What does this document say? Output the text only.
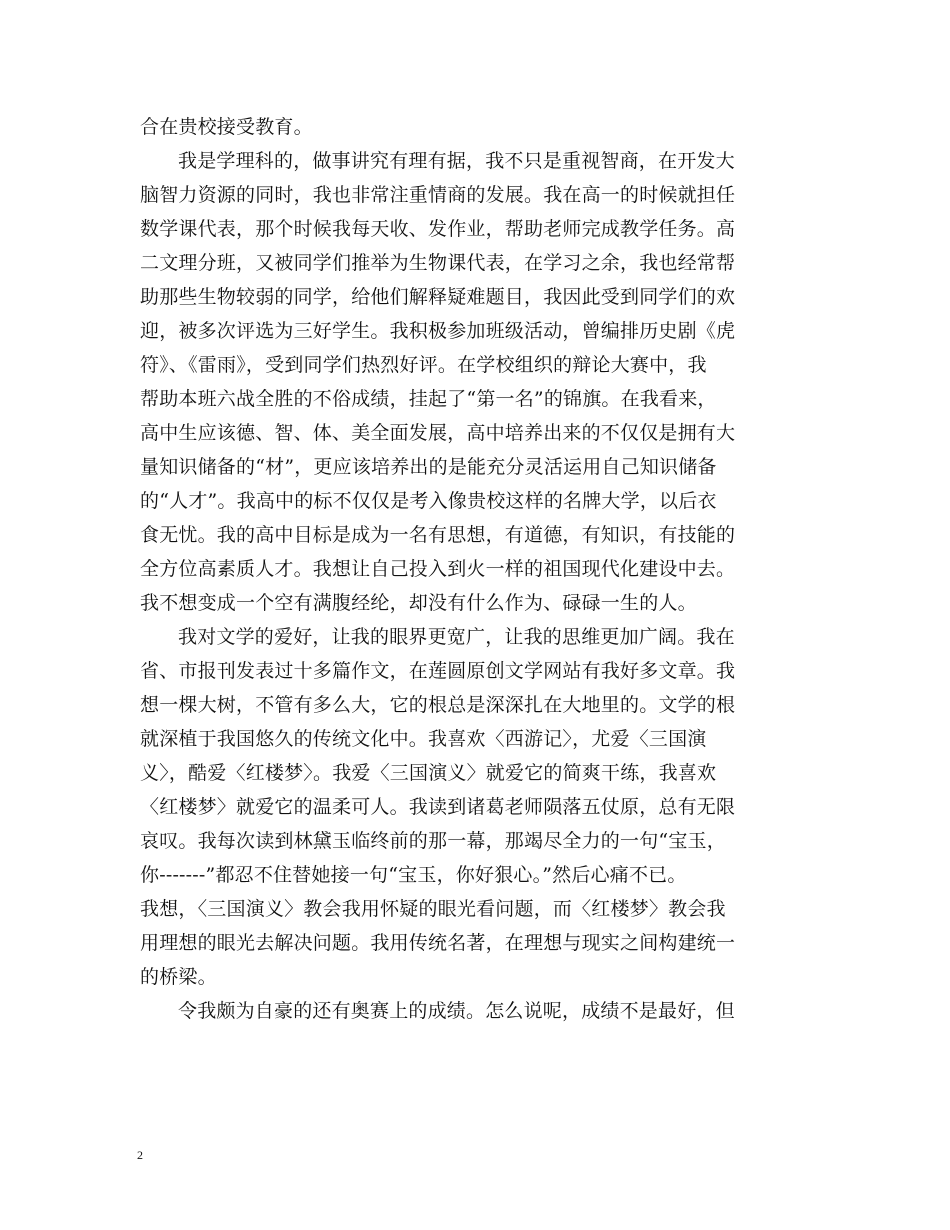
合在贵校接受教育。
我是学理科的，做事讲究有理有据，我不只是重视智商，在开发大
脑智力资源的同时，我也非常注重情商的发展。我在高一的时候就担任
数学课代表，那个时候我每天收、发作业，帮助老师完成教学任务。高
二文理分班，又被同学们推举为生物课代表，在学习之余，我也经常帮
助那些生物较弱的同学，给他们解释疑难题目，我因此受到同学们的欢
迎，被多次评选为三好学生。我积极参加班级活动，曾编排历史剧《虎
符》、《雷雨》，受到同学们热烈好评。在学校组织的辩论大赛中，我
帮助本班六战全胜的不俗成绩，挂起了“第一名”的锦旗。在我看来，
高中生应该德、智、体、美全面发展，高中培养出来的不仅仅是拥有大
量知识储备的“材”，更应该培养出的是能充分灵活运用自己知识储备
的“人才”。我高中的标不仅仅是考入像贵校这样的名牌大学，以后衣
食无忧。我的高中目标是成为一名有思想，有道德，有知识，有技能的
全方位高素质人才。我想让自己投入到火一样的祖国现代化建设中去。
我不想变成一个空有满腹经纶，却没有什么作为、碌碌一生的人。
我对文学的爱好，让我的眼界更宽广，让我的思维更加广阔。我在
省、市报刊发表过十多篇作文，在莲圆原创文学网站有我好多文章。我
想一棵大树，不管有多么大，它的根总是深深扎在大地里的。文学的根
就深植于我国悠久的传统文化中。我喜欢〈西游记〉，尤爱〈三国演
义〉，酷爱〈红楼梦〉。我爱〈三国演义〉就爱它的简爽干练，我喜欢
〈红楼梦〉就爱它的温柔可人。我读到诸葛老师陨落五仗原，总有无限
哀叹。我每次读到林黛玉临终前的那一幕，那竭尽全力的一句“宝玉，
你-------”都忍不住替她接一句“宝玉，你好狠心。”然后心痛不已。
我想，〈三国演义〉教会我用怀疑的眼光看问题，而〈红楼梦〉教会我
用理想的眼光去解决问题。我用传统名著，在理想与现实之间构建统一
的桥梁。
令我颇为自豪的还有奥赛上的成绩。怎么说呢，成绩不是最好，但
2
